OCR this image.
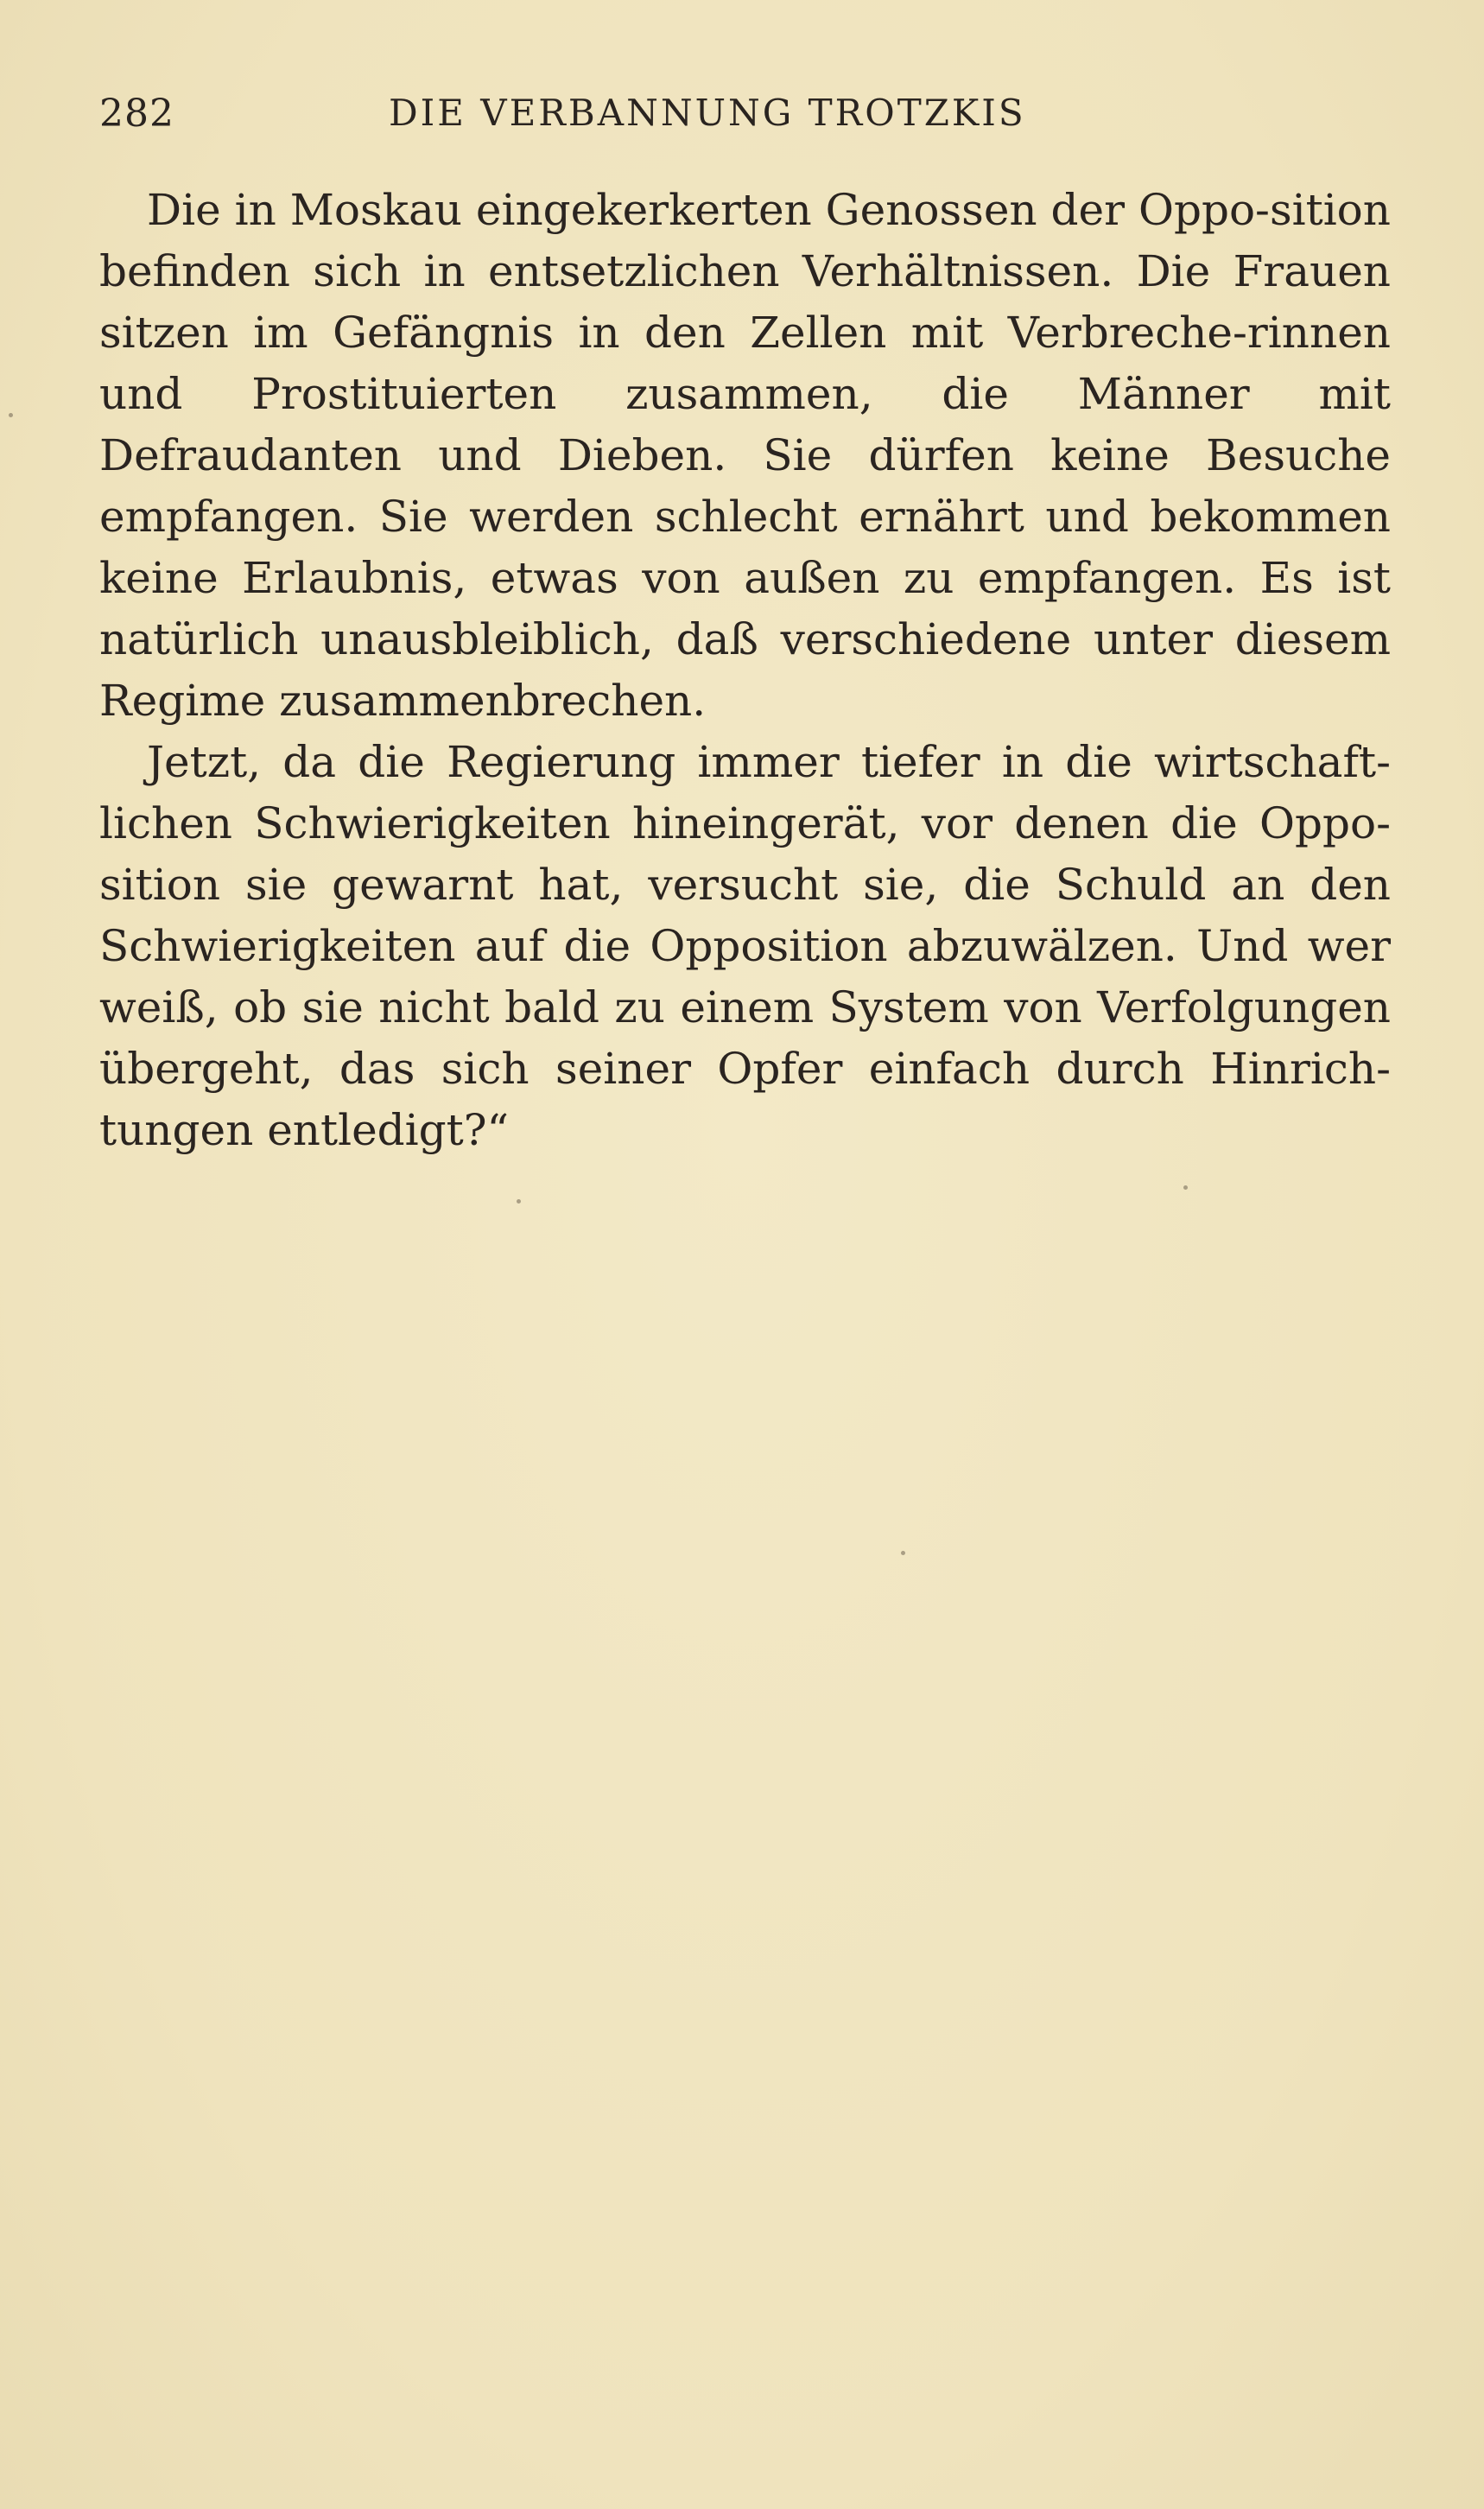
282	DIE VERBANNUNG TROTZKIS

Die in Moskau eingekerkerten Genossen der Oppo-sition befinden sich in entsetzlichen Verhältnissen. Die Frauen sitzen im Gefängnis in den Zellen mit Verbreche-rinnen und Prostituierten zusammen, die Männer mit Defraudanten und Dieben. Sie dürfen keine Besuche empfangen. Sie werden schlecht ernährt und bekommen keine Erlaubnis, etwas von außen zu empfangen. Es ist natürlich unausbleiblich, daß verschiedene unter diesem Regime zusammenbrechen.

Jetzt, da die Regierung immer tiefer in die wirtschaft-lichen Schwierigkeiten hineingerät, vor denen die Oppo-sition sie gewarnt hat, versucht sie, die Schuld an den Schwierigkeiten auf die Opposition abzuwälzen. Und wer weiß, ob sie nicht bald zu einem System von Verfolgungen übergeht, das sich seiner Opfer einfach durch Hinrich-tungen entledigt?“
